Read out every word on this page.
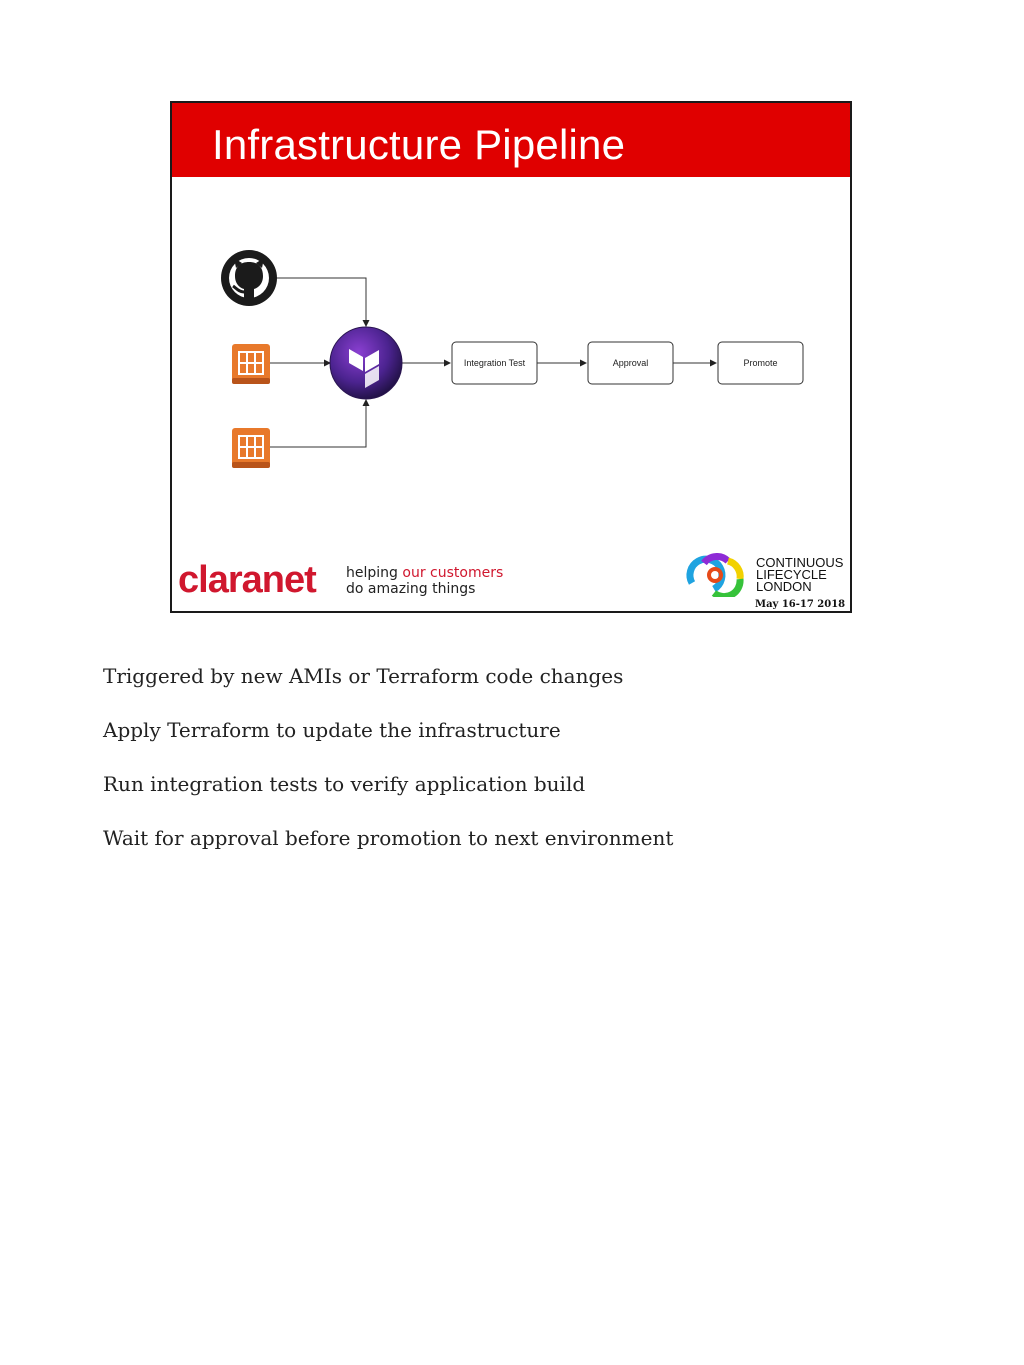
Infrastructure Pipeline
Integration Test	Approval	Promote
claranet helping our customers
do amazing things
CONTINUOUS
LIFECYCLE
LONDON
May 16-17 2018
Triggered by new AMIs or Terraform code changes
Apply Terraform to update the infrastructure
Run integration tests to verify application build
Wait for approval before promotion to next environment
